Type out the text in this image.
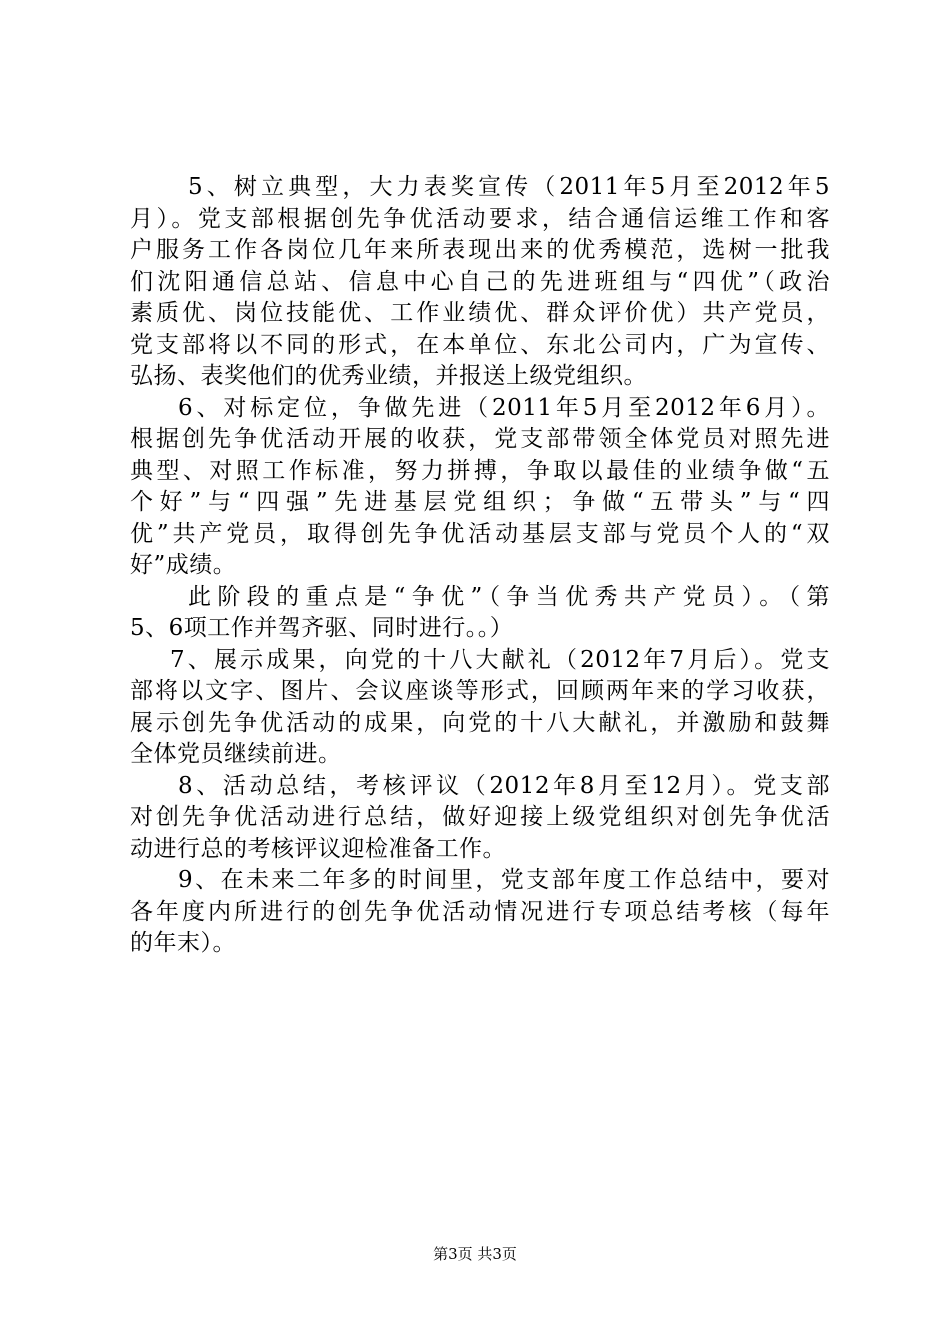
5、树立典型，大力表奖宣传（2011年5月至2012年5
月）。党支部根据创先争优活动要求，结合通信运维工作和客
户服务工作各岗位几年来所表现出来的优秀模范，选树一批我
们沈阳通信总站、信息中心自己的先进班组与“四优”（政治
素质优、岗位技能优、工作业绩优、群众评价优）共产党员，
党支部将以不同的形式，在本单位、东北公司内，广为宣传、
弘扬、表奖他们的优秀业绩，并报送上级党组织。
6、对标定位，争做先进（2011年5月至2012年6月）。
根据创先争优活动开展的收获，党支部带领全体党员对照先进
典型、对照工作标准，努力拼搏，争取以最佳的业绩争做“五
个好”与“四强”先进基层党组织；争做“五带头”与“四
优”共产党员，取得创先争优活动基层支部与党员个人的“双
好”成绩。
此阶段的重点是“争优”（争当优秀共产党员）。（第
5、6项工作并驾齐驱、同时进行。。）
7、展示成果，向党的十八大献礼（2012年7月后）。党支
部将以文字、图片、会议座谈等形式，回顾两年来的学习收获，
展示创先争优活动的成果，向党的十八大献礼，并激励和鼓舞
全体党员继续前进。
8、活动总结，考核评议（2012年8月至12月）。党支部
对创先争优活动进行总结，做好迎接上级党组织对创先争优活
动进行总的考核评议迎检准备工作。
9、在未来二年多的时间里，党支部年度工作总结中，要对
各年度内所进行的创先争优活动情况进行专项总结考核（每年
的年末）。
第3页 共3页
